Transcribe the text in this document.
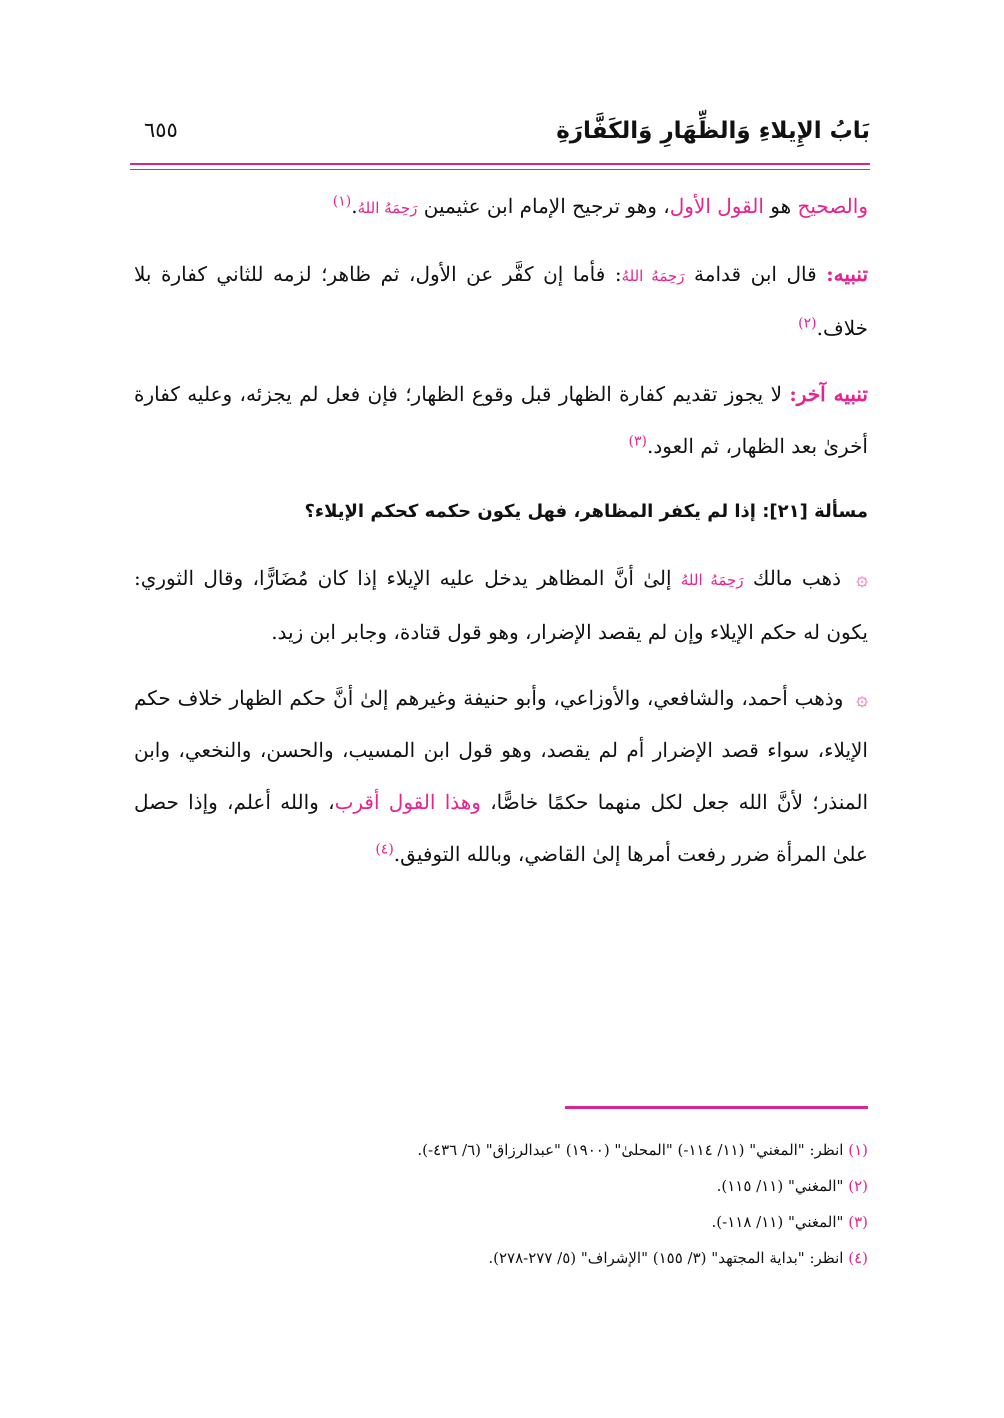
بَابُ الإِيلاءِ وَالظِّهَارِ وَالكَفَّارَةِ
٦٥٥

والصحيح هو القول الأول، وهو ترجيح الإمام ابن عثيمين رَحِمَهُ اللهُ.$^{(١)}$

تنبيه: قال ابن قدامة رَحِمَهُ اللهُ: فأما إن كفَّر عن الأول، ثم ظاهر؛ لزمه للثاني كفارة بلا خلاف.$^{(٢)}$

تنبيه آخر: لا يجوز تقديم كفارة الظهار قبل وقوع الظهار؛ فإن فعل لم يجزئه، وعليه كفارة أخرىٰ بعد الظهار، ثم العود.$^{(٣)}$

مسألة [٢١]: إذا لم يكفر المظاهر، فهل يكون حكمه كحكم الإيلاء؟

۞ ذهب مالك رَحِمَهُ اللهُ إلىٰ أنَّ المظاهر يدخل عليه الإيلاء إذا كان مُضَارًّا، وقال الثوري: يكون له حكم الإيلاء وإن لم يقصد الإضرار، وهو قول قتادة، وجابر ابن زيد.

۞ وذهب أحمد، والشافعي، والأوزاعي، وأبو حنيفة وغيرهم إلىٰ أنَّ حكم الظهار خلاف حكم الإيلاء، سواء قصد الإضرار أم لم يقصد، وهو قول ابن المسيب، والحسن، والنخعي، وابن المنذر؛ لأنَّ الله جعل لكل منهما حكمًا خاصًّا، وهذا القول أقرب، والله أعلم، وإذا حصل علىٰ المرأة ضرر رفعت أمرها إلىٰ القاضي، وبالله التوفيق.$^{(٤)}$

(١) انظر: "المغني" (١١/ ١١٤-) "المحلىٰ" (١٩٠٠) "عبدالرزاق" (٦/ ٤٣٦-).

(٢) "المغني" (١١/ ١١٥).

(٣) "المغني" (١١/ ١١٨-).

(٤) انظر: "بداية المجتهد" (٣/ ١٥٥) "الإشراف" (٥/ ٢٧٧-٢٧٨).
